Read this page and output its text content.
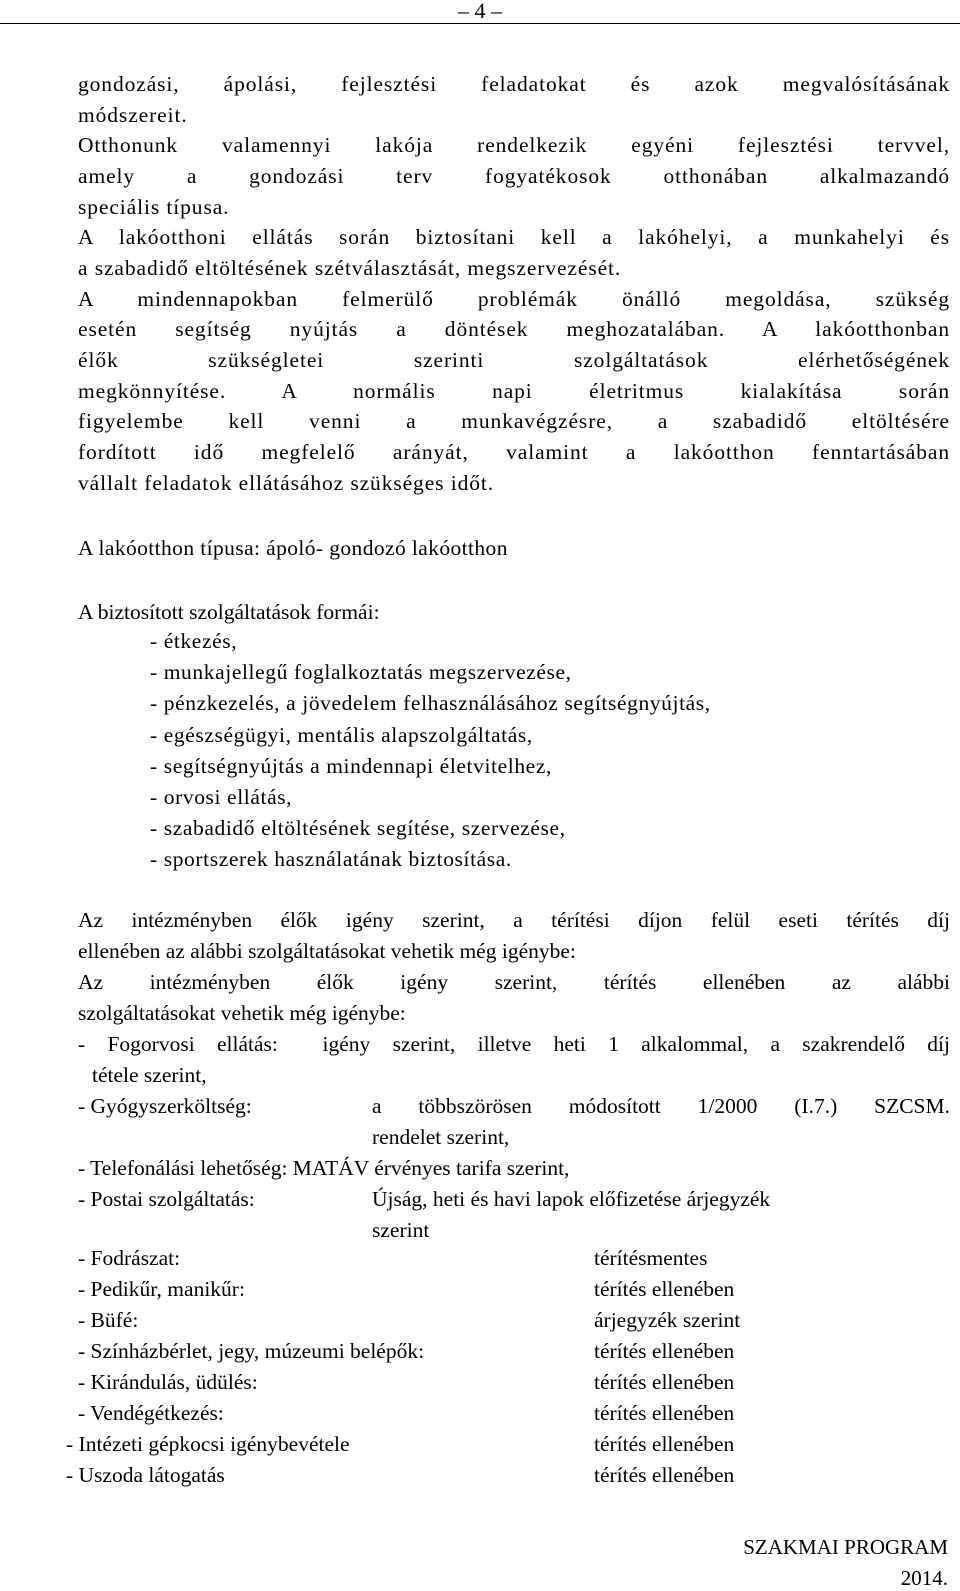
– 4 –
gondozási, ápolási, fejlesztési feladatokat és azok megvalósításának
módszereit.
Otthonunk valamennyi lakója rendelkezik egyéni fejlesztési tervvel,
amely a gondozási terv fogyatékosok otthonában alkalmazandó
speciális típusa.
A lakóotthoni ellátás során biztosítani kell a lakóhelyi, a munkahelyi és
a szabadidő eltöltésének szétválasztását, megszervezését.
A mindennapokban felmerülő problémák önálló megoldása, szükség
esetén segítség nyújtás a döntések meghozatalában. A lakóotthonban
élők szükségletei szerinti szolgáltatások elérhetőségének
megkönnyítése. A normális napi életritmus kialakítása során
figyelembe kell venni a munkavégzésre, a szabadidő eltöltésére
fordított idő megfelelő arányát, valamint a lakóotthon fenntartásában
vállalt feladatok ellátásához szükséges időt.
A lakóotthon típusa: ápoló- gondozó lakóotthon
A biztosított szolgáltatások formái:
- étkezés,
- munkajellegű foglalkoztatás megszervezése,
- pénzkezelés, a jövedelem felhasználásához segítségnyújtás,
- egészségügyi, mentális alapszolgáltatás,
- segítségnyújtás a mindennapi életvitelhez,
- orvosi ellátás,
- szabadidő eltöltésének segítése, szervezése,
- sportszerek használatának biztosítása.
Az intézményben élők igény szerint, a térítési díjon felül eseti térítés díj
ellenében az alábbi szolgáltatásokat vehetik még igénybe:
Az intézményben élők igény szerint, térítés ellenében az alábbi
szolgáltatásokat vehetik még igénybe:
- Fogorvosi ellátás:  igény szerint, illetve heti 1 alkalommal, a szakrendelő díj
tétele szerint,
- Gyógyszerköltség:	a többszörösen módosított 1/2000 (I.7.) SZCSM.
rendelet szerint,
- Telefonálási lehetőség: MATÁV érvényes tarifa szerint,
- Postai szolgáltatás:	Újság, heti és havi lapok előfizetése árjegyzék
szerint
- Fodrászat:	térítésmentes
- Pedikűr, manikűr:	térítés ellenében
- Büfé:	árjegyzék szerint
- Színházbérlet, jegy, múzeumi belépők:	térítés ellenében
- Kirándulás, üdülés:	térítés ellenében
- Vendégétkezés:	térítés ellenében
- Intézeti gépkocsi igénybevétele	térítés ellenében
- Uszoda látogatás	térítés ellenében
SZAKMAI PROGRAM
2014.
